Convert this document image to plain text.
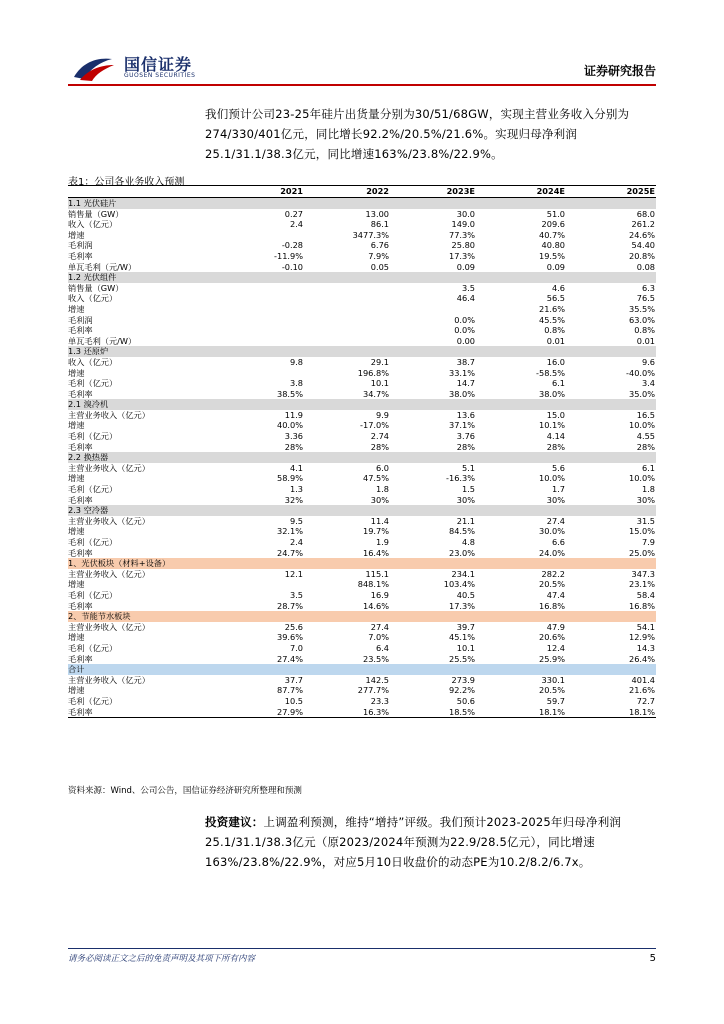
国信证券
GUOSEN SECURITIES	证券研究报告
我们预计公司23-25年硅片出货量分别为30/51/68GW，实现主营业务收入分别为274/330/401亿元，同比增长92.2%/20.5%/21.6%。实现归母净利润25.1/31.1/38.3亿元，同比增速163%/23.8%/22.9%。
表1：公司各业务收入预测
	2021	2022	2023E	2024E	2025E
1.1 光伏硅片					
销售量（GW）	0.27	13.00	30.0	51.0	68.0
收入（亿元）	2.4	86.1	149.0	209.6	261.2
增速		3477.3%	77.3%	40.7%	24.6%
毛利润	-0.28	6.76	25.80	40.80	54.40
毛利率	-11.9%	7.9%	17.3%	19.5%	20.8%
单瓦毛利（元/W）	-0.10	0.05	0.09	0.09	0.08
1.2 光伏组件					
销售量（GW）			3.5	4.6	6.3
收入（亿元）			46.4	56.5	76.5
增速				21.6%	35.5%
毛利润			0.0%	45.5%	63.0%
毛利率			0.0%	0.8%	0.8%
单瓦毛利（元/W）			0.00	0.01	0.01
1.3 还原炉					
收入（亿元）	9.8	29.1	38.7	16.0	9.6
增速		196.8%	33.1%	-58.5%	-40.0%
毛利（亿元）	3.8	10.1	14.7	6.1	3.4
毛利率	38.5%	34.7%	38.0%	38.0%	35.0%
2.1 溴冷机					
主营业务收入（亿元）	11.9	9.9	13.6	15.0	16.5
增速	40.0%	-17.0%	37.1%	10.1%	10.0%
毛利（亿元）	3.36	2.74	3.76	4.14	4.55
毛利率	28%	28%	28%	28%	28%
2.2 换热器					
主营业务收入（亿元）	4.1	6.0	5.1	5.6	6.1
增速	58.9%	47.5%	-16.3%	10.0%	10.0%
毛利（亿元）	1.3	1.8	1.5	1.7	1.8
毛利率	32%	30%	30%	30%	30%
2.3 空冷器					
主营业务收入（亿元）	9.5	11.4	21.1	27.4	31.5
增速	32.1%	19.7%	84.5%	30.0%	15.0%
毛利（亿元）	2.4	1.9	4.8	6.6	7.9
毛利率	24.7%	16.4%	23.0%	24.0%	25.0%
1、光伏板块（材料+设备）					
主营业务收入（亿元）	12.1	115.1	234.1	282.2	347.3
增速		848.1%	103.4%	20.5%	23.1%
毛利（亿元）	3.5	16.9	40.5	47.4	58.4
毛利率	28.7%	14.6%	17.3%	16.8%	16.8%
2、节能节水板块					
主营业务收入（亿元）	25.6	27.4	39.7	47.9	54.1
增速	39.6%	7.0%	45.1%	20.6%	12.9%
毛利（亿元）	7.0	6.4	10.1	12.4	14.3
毛利率	27.4%	23.5%	25.5%	25.9%	26.4%
合计					
主营业务收入（亿元）	37.7	142.5	273.9	330.1	401.4
增速	87.7%	277.7%	92.2%	20.5%	21.6%
毛利（亿元）	10.5	23.3	50.6	59.7	72.7
毛利率	27.9%	16.3%	18.5%	18.1%	18.1%
资料来源：Wind、公司公告，国信证券经济研究所整理和预测
投资建议：上调盈利预测，维持“增持”评级。我们预计2023-2025年归母净利润25.1/31.1/38.3亿元（原2023/2024年预测为22.9/28.5亿元），同比增速163%/23.8%/22.9%，对应5月10日收盘价的动态PE为10.2/8.2/6.7x。
请务必阅读正文之后的免责声明及其项下所有内容	5
